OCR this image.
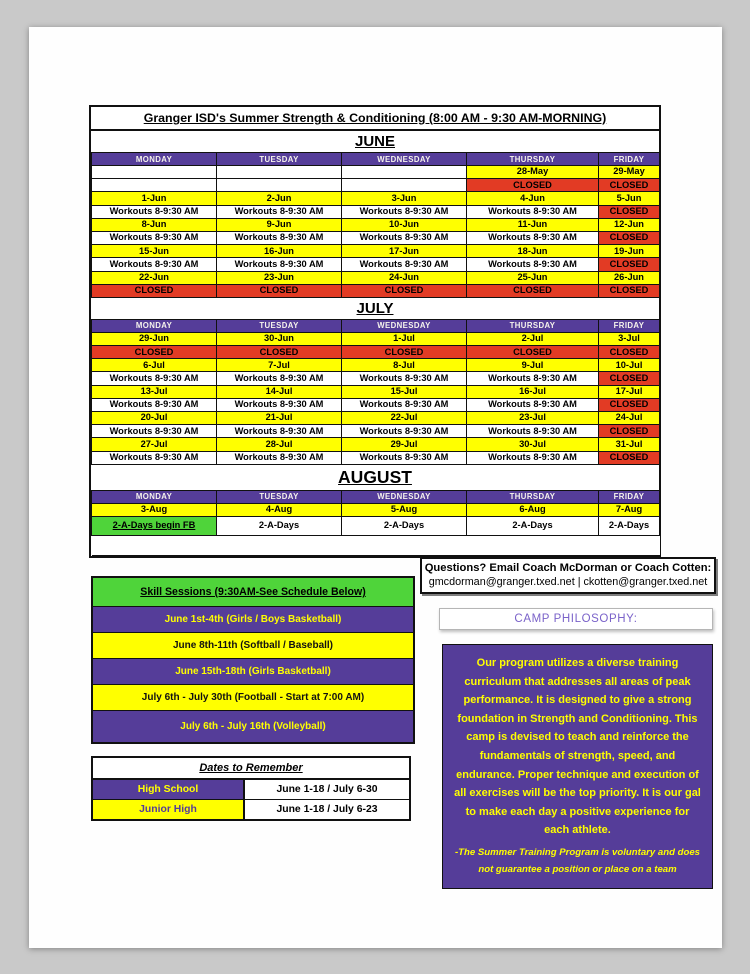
Granger ISD's Summer Strength & Conditioning (8:00 AM - 9:30 AM-MORNING)
JUNE
MONDAY	TUESDAY	WEDNESDAY	THURSDAY	FRIDAY
			28-May	29-May
			CLOSED	CLOSED
1-Jun	2-Jun	3-Jun	4-Jun	5-Jun
Workouts 8-9:30 AM	Workouts 8-9:30 AM	Workouts 8-9:30 AM	Workouts 8-9:30 AM	CLOSED
8-Jun	9-Jun	10-Jun	11-Jun	12-Jun
Workouts 8-9:30 AM	Workouts 8-9:30 AM	Workouts 8-9:30 AM	Workouts 8-9:30 AM	CLOSED
15-Jun	16-Jun	17-Jun	18-Jun	19-Jun
Workouts 8-9:30 AM	Workouts 8-9:30 AM	Workouts 8-9:30 AM	Workouts 8-9:30 AM	CLOSED
22-Jun	23-Jun	24-Jun	25-Jun	26-Jun
CLOSED	CLOSED	CLOSED	CLOSED	CLOSED
JULY
MONDAY	TUESDAY	WEDNESDAY	THURSDAY	FRIDAY
29-Jun	30-Jun	1-Jul	2-Jul	3-Jul
CLOSED	CLOSED	CLOSED	CLOSED	CLOSED
6-Jul	7-Jul	8-Jul	9-Jul	10-Jul
Workouts 8-9:30 AM	Workouts 8-9:30 AM	Workouts 8-9:30 AM	Workouts 8-9:30 AM	CLOSED
13-Jul	14-Jul	15-Jul	16-Jul	17-Jul
Workouts 8-9:30 AM	Workouts 8-9:30 AM	Workouts 8-9:30 AM	Workouts 8-9:30 AM	CLOSED
20-Jul	21-Jul	22-Jul	23-Jul	24-Jul
Workouts 8-9:30 AM	Workouts 8-9:30 AM	Workouts 8-9:30 AM	Workouts 8-9:30 AM	CLOSED
27-Jul	28-Jul	29-Jul	30-Jul	31-Jul
Workouts 8-9:30 AM	Workouts 8-9:30 AM	Workouts 8-9:30 AM	Workouts 8-9:30 AM	CLOSED
AUGUST
MONDAY	TUESDAY	WEDNESDAY	THURSDAY	FRIDAY
3-Aug	4-Aug	5-Aug	6-Aug	7-Aug
2-A-Days begin FB	2-A-Days	2-A-Days	2-A-Days	2-A-Days

Skill Sessions (9:30AM-See Schedule Below)
June 1st-4th (Girls / Boys Basketball)
June 8th-11th (Softball / Baseball)
June 15th-18th (Girls Basketball)
July 6th - July 30th (Football - Start at 7:00 AM)
July 6th - July 16th (Volleyball)
Dates to Remember
High School	June 1-18 / July 6-30
Junior High	June 1-18 / July 6-23
Questions? Email Coach McDorman or Coach Cotten:
gmcdorman@granger.txed.net | ckotten@granger.txed.net
CAMP PHILOSOPHY:
Our program utilizes a diverse training curriculum that addresses all areas of peak performance. It is designed to give a strong foundation in Strength and Conditioning. This camp is devised to teach and reinforce the fundamentals of strength, speed, and endurance. Proper technique and execution of all exercises will be the top priority. It is our gal to make each day a positive experience for each athlete.
-The Summer Training Program is voluntary and does not guarantee a position or place on a team
